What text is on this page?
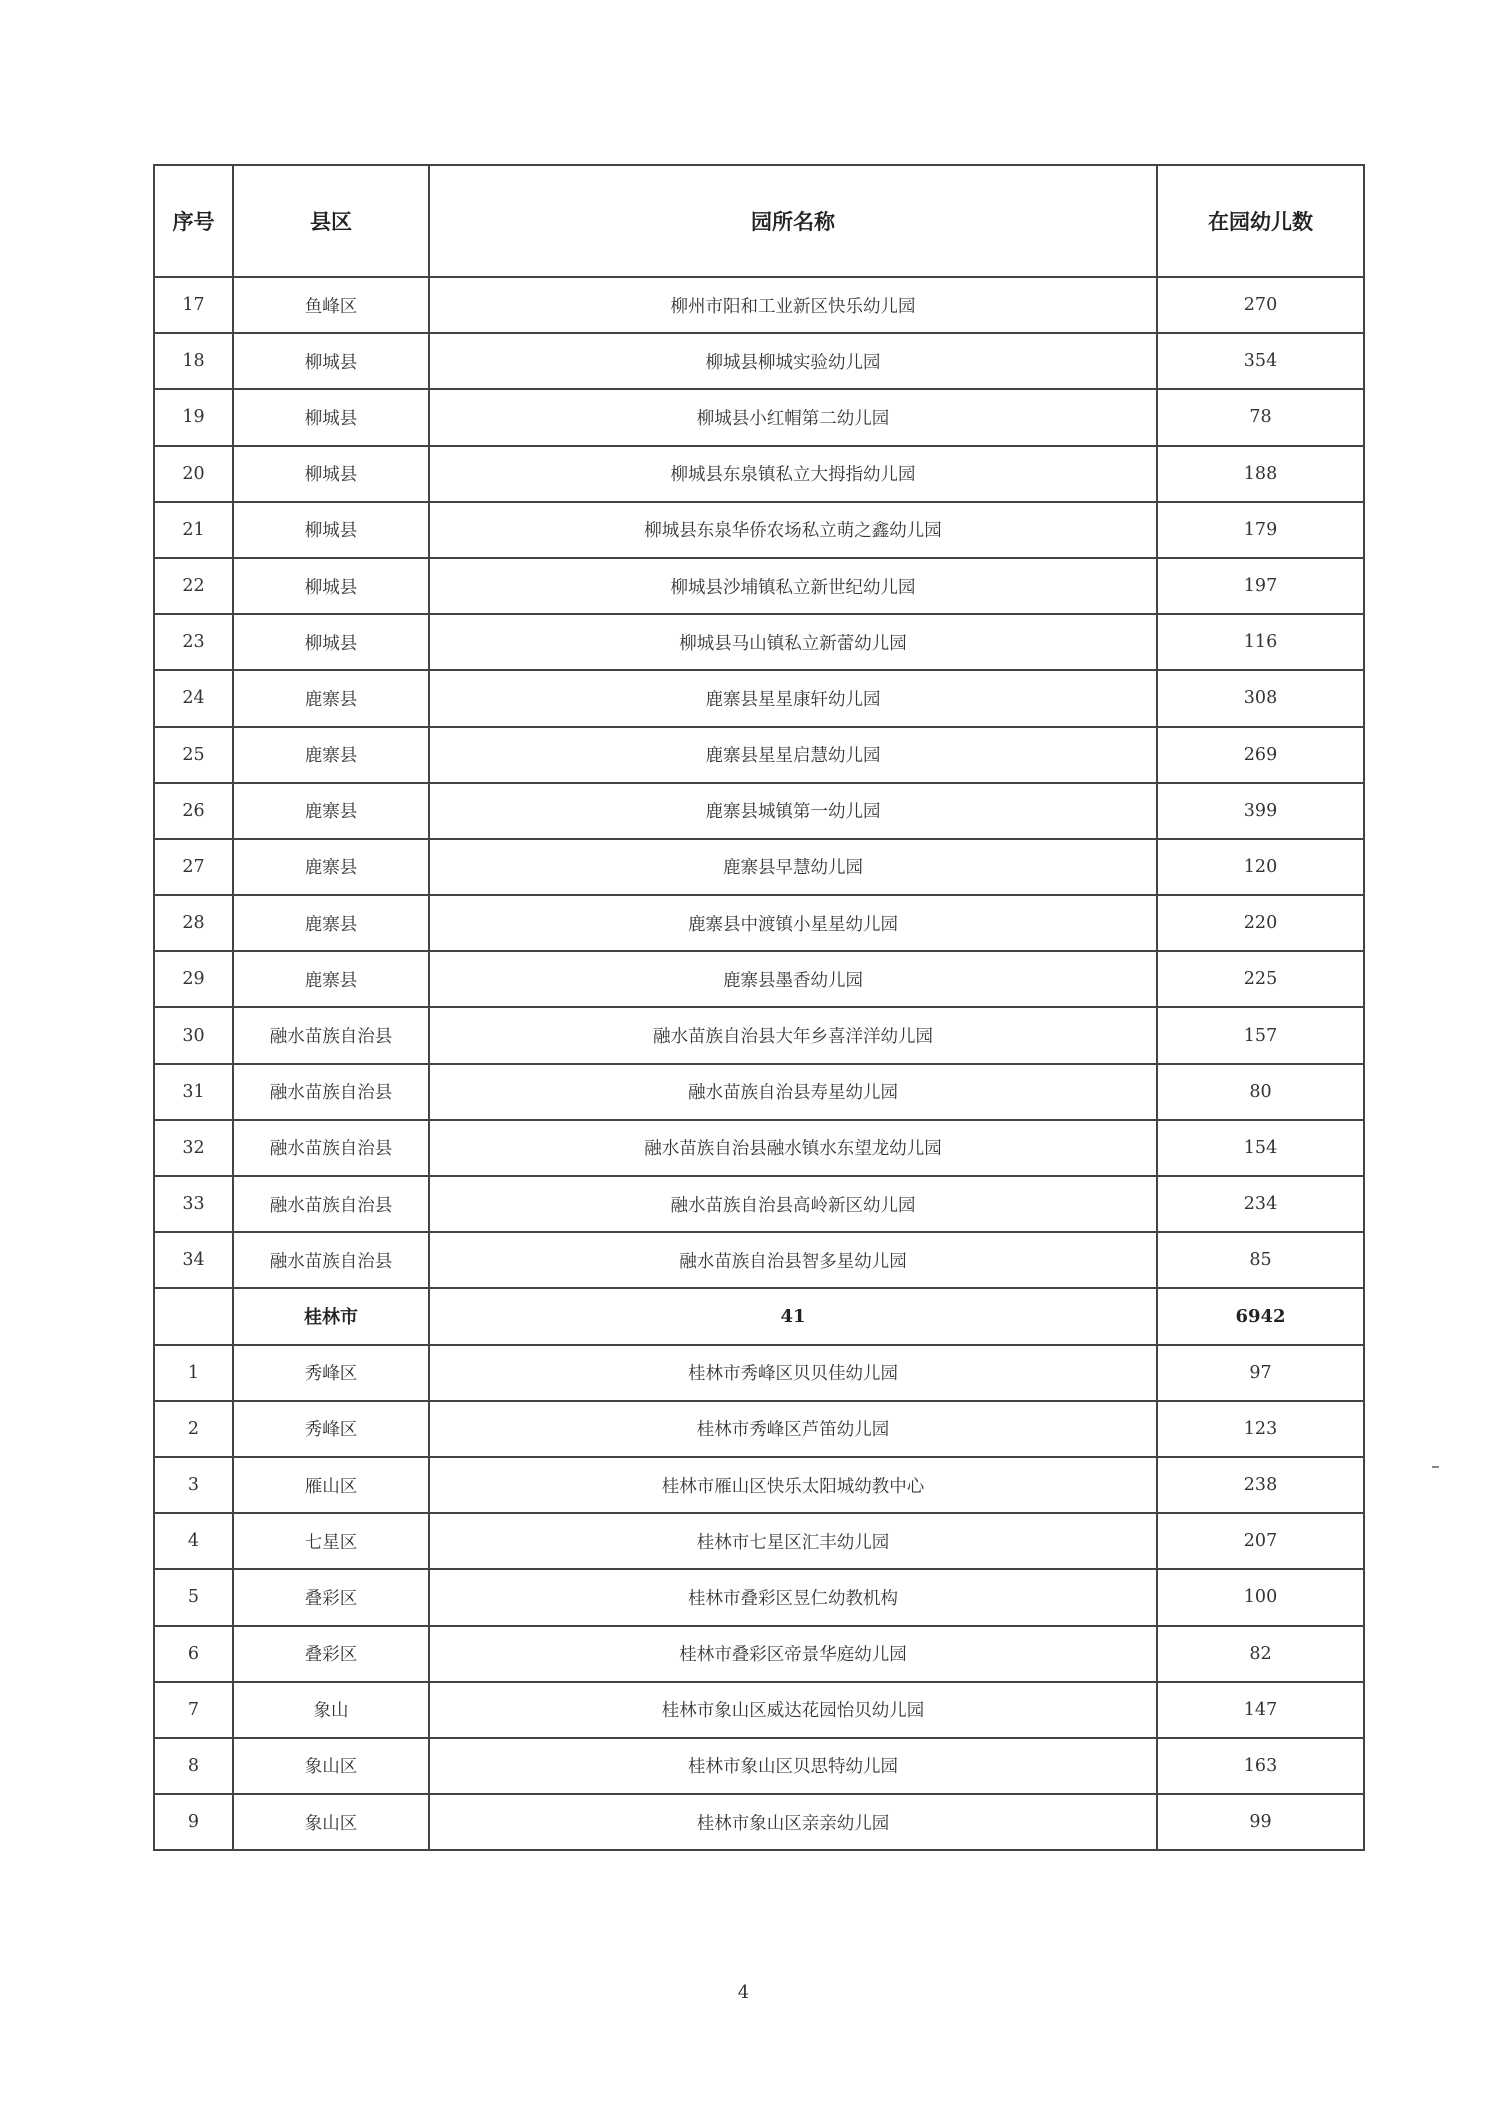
序号	县区	园所名称	在园幼儿数
17	鱼峰区	柳州市阳和工业新区快乐幼儿园	270
18	柳城县	柳城县柳城实验幼儿园	354
19	柳城县	柳城县小红帽第二幼儿园	78
20	柳城县	柳城县东泉镇私立大拇指幼儿园	188
21	柳城县	柳城县东泉华侨农场私立萌之鑫幼儿园	179
22	柳城县	柳城县沙埔镇私立新世纪幼儿园	197
23	柳城县	柳城县马山镇私立新蕾幼儿园	116
24	鹿寨县	鹿寨县星星康轩幼儿园	308
25	鹿寨县	鹿寨县星星启慧幼儿园	269
26	鹿寨县	鹿寨县城镇第一幼儿园	399
27	鹿寨县	鹿寨县早慧幼儿园	120
28	鹿寨县	鹿寨县中渡镇小星星幼儿园	220
29	鹿寨县	鹿寨县墨香幼儿园	225
30	融水苗族自治县	融水苗族自治县大年乡喜洋洋幼儿园	157
31	融水苗族自治县	融水苗族自治县寿星幼儿园	80
32	融水苗族自治县	融水苗族自治县融水镇水东望龙幼儿园	154
33	融水苗族自治县	融水苗族自治县高岭新区幼儿园	234
34	融水苗族自治县	融水苗族自治县智多星幼儿园	85
	桂林市	41	6942
1	秀峰区	桂林市秀峰区贝贝佳幼儿园	97
2	秀峰区	桂林市秀峰区芦笛幼儿园	123
3	雁山区	桂林市雁山区快乐太阳城幼教中心	238
4	七星区	桂林市七星区汇丰幼儿园	207
5	叠彩区	桂林市叠彩区昱仁幼教机构	100
6	叠彩区	桂林市叠彩区帝景华庭幼儿园	82
7	象山	桂林市象山区威达花园怡贝幼儿园	147
8	象山区	桂林市象山区贝思特幼儿园	163
9	象山区	桂林市象山区亲亲幼儿园	99
4
